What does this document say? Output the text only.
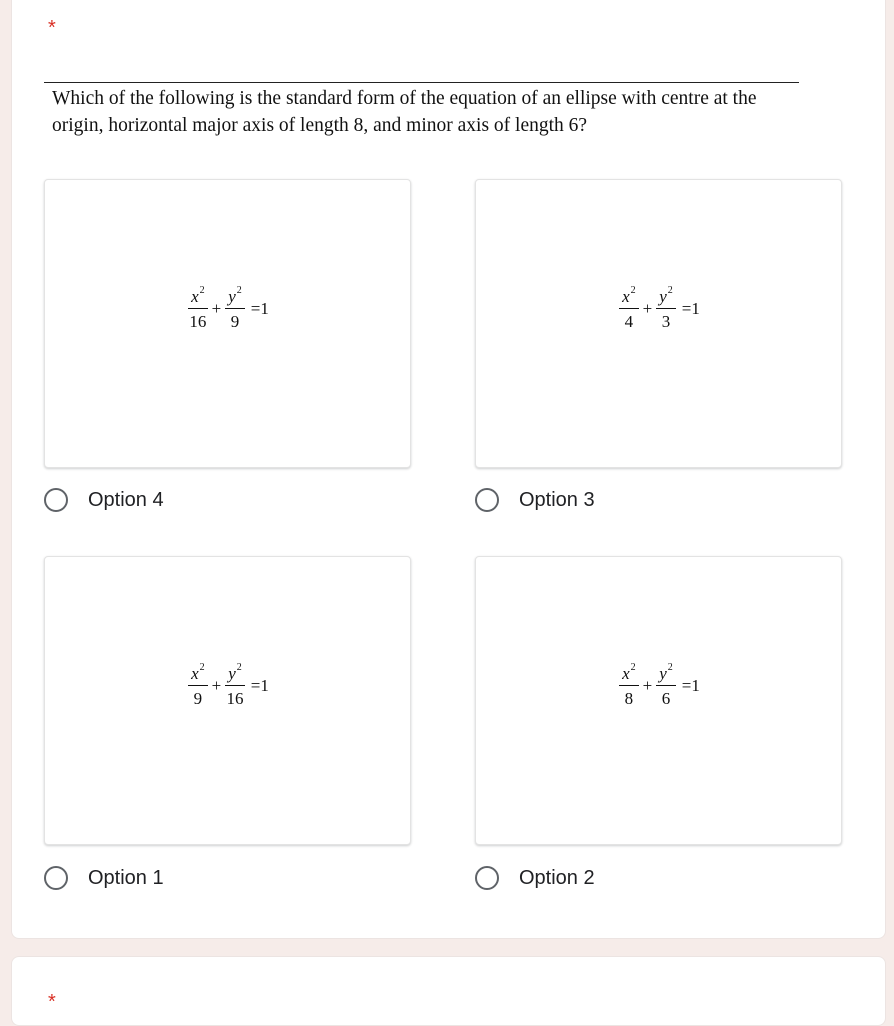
*

Which of the following is the standard form of the equation of an ellipse with centre at the origin, horizontal major axis of length 8, and minor axis of length 6?

$\frac{x^2}{16} + \frac{y^2}{9} =1$
Option 4
$\frac{x^2}{4} + \frac{y^2}{3} =1$
Option 3
$\frac{x^2}{9} + \frac{y^2}{16} =1$
Option 1
$\frac{x^2}{8} + \frac{y^2}{6} =1$
Option 2
*
